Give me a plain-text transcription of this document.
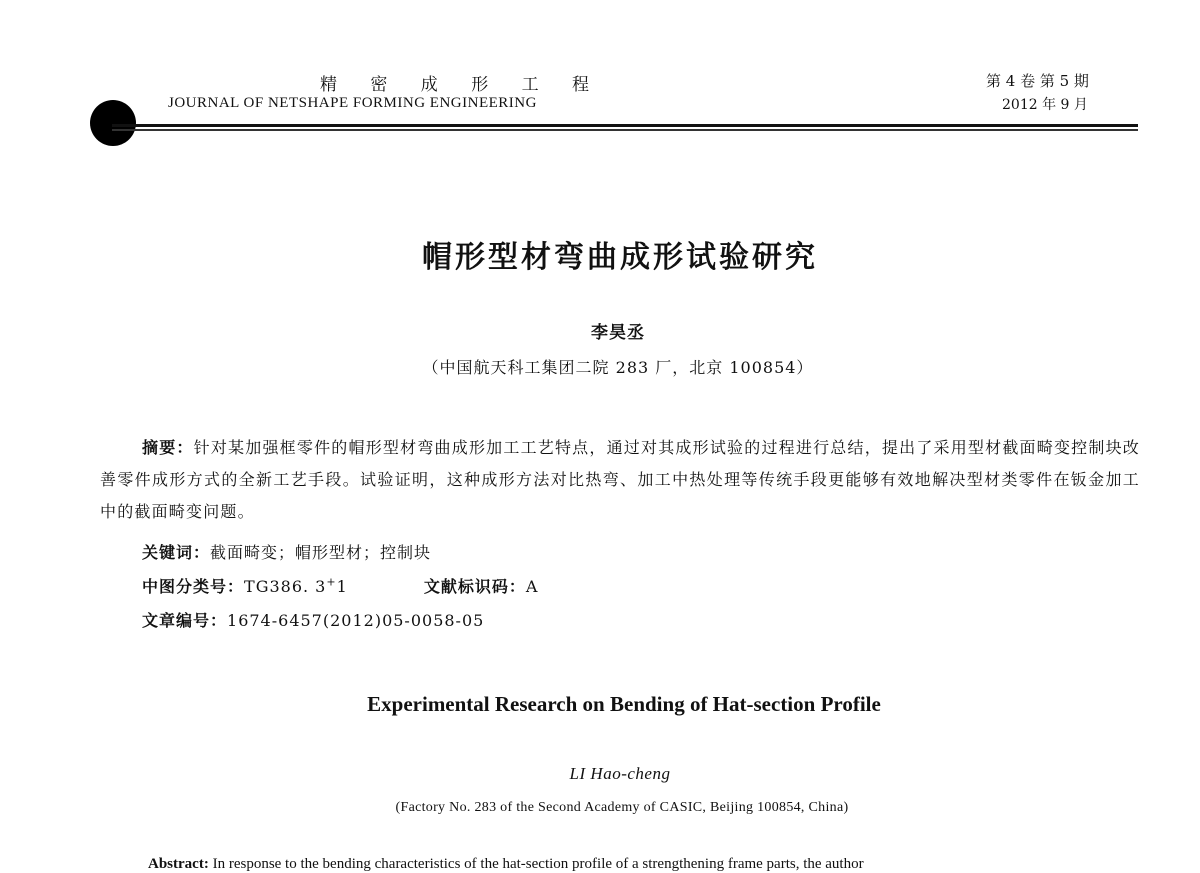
精 密 成 形 工 程
JOURNAL OF NETSHAPE FORMING ENGINEERING
第 4 卷 第 5 期
2012 年 9 月
帽形型材弯曲成形试验研究
李昊丞
（中国航天科工集团二院 283 厂，北京 100854）
摘要：针对某加强框零件的帽形型材弯曲成形加工工艺特点，通过对其成形试验的过程进行总结，提出了采用型材截面畸变控制块改善零件成形方式的全新工艺手段。试验证明，这种成形方法对比热弯、加工中热处理等传统手段更能够有效地解决型材类零件在钣金加工中的截面畸变问题。
关键词：截面畸变；帽形型材；控制块
中图分类号：TG386. 3+1	文献标识码：A
文章编号：1674-6457(2012)05-0058-05
Experimental Research on Bending of Hat-section Profile
LI Hao-cheng
(Factory No. 283 of the Second Academy of CASIC, Beijing 100854, China)
Abstract: In response to the bending characteristics of the hat-section profile of a strengthening frame parts, the author
